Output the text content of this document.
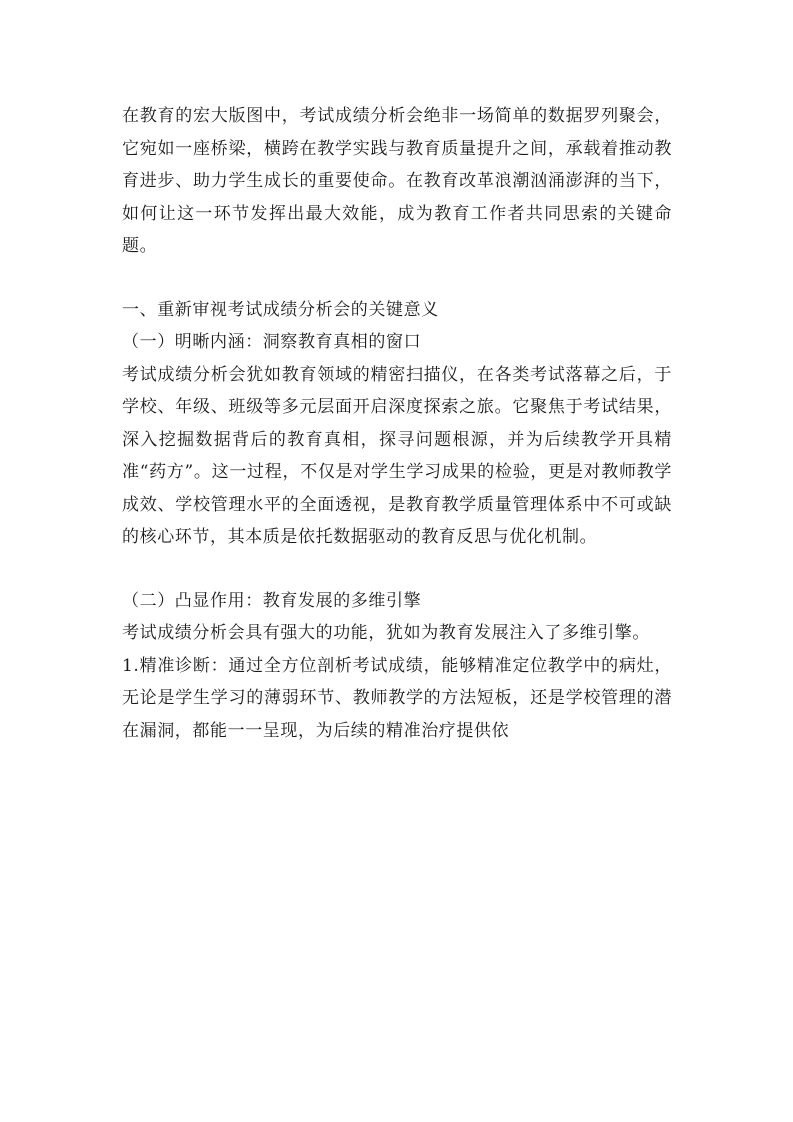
在教育的宏大版图中，考试成绩分析会绝非一场简单的数据罗列聚会，它宛如一座桥梁，横跨在教学实践与教育质量提升之间，承载着推动教育进步、助力学生成长的重要使命。在教育改革浪潮汹涌澎湃的当下，如何让这一环节发挥出最大效能，成为教育工作者共同思索的关键命题。

一、重新审视考试成绩分析会的关键意义

（一）明晰内涵：洞察教育真相的窗口

考试成绩分析会犹如教育领域的精密扫描仪，在各类考试落幕之后，于学校、年级、班级等多元层面开启深度探索之旅。它聚焦于考试结果，深入挖掘数据背后的教育真相，探寻问题根源，并为后续教学开具精准“药方”。这一过程，不仅是对学生学习成果的检验，更是对教师教学成效、学校管理水平的全面透视，是教育教学质量管理体系中不可或缺的核心环节，其本质是依托数据驱动的教育反思与优化机制。

（二）凸显作用：教育发展的多维引擎

考试成绩分析会具有强大的功能，犹如为教育发展注入了多维引擎。

1.精准诊断：通过全方位剖析考试成绩，能够精准定位教学中的病灶，无论是学生学习的薄弱环节、教师教学的方法短板，还是学校管理的潜在漏洞，都能一一呈现，为后续的精准治疗提供依
